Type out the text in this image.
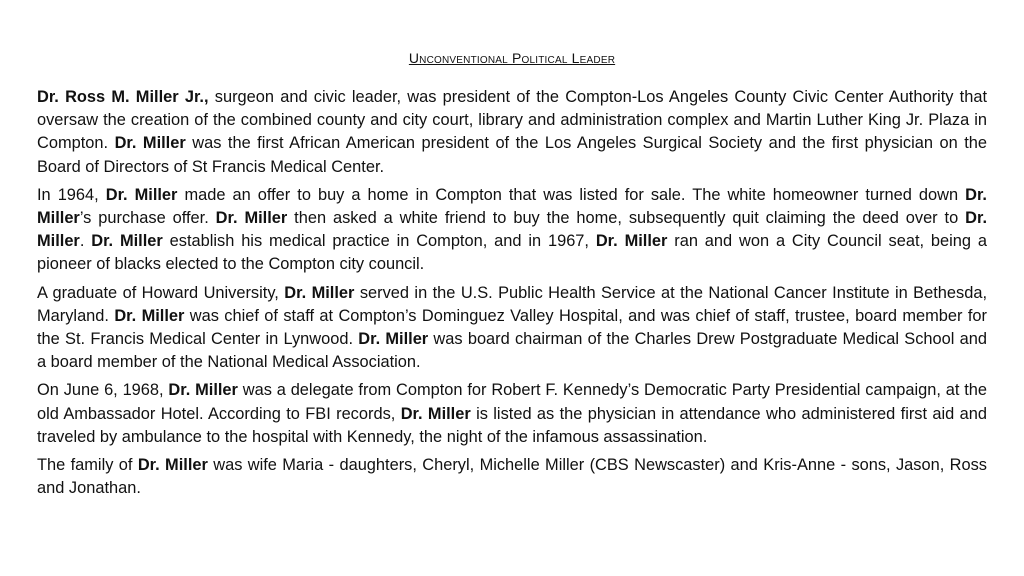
Unconventional Political Leader

Dr. Ross M. Miller Jr., surgeon and civic leader, was president of the Compton-Los Angeles County Civic Center Authority that oversaw the creation of the combined county and city court, library and administration complex and Martin Luther King Jr. Plaza in Compton. Dr. Miller was the first African American president of the Los Angeles Surgical Society and the first physician on the Board of Directors of St Francis Medical Center.

In 1964, Dr. Miller made an offer to buy a home in Compton that was listed for sale. The white homeowner turned down Dr. Miller’s purchase offer. Dr. Miller then asked a white friend to buy the home, subsequently quit claiming the deed over to Dr. Miller. Dr. Miller establish his medical practice in Compton, and in 1967, Dr. Miller ran and won a City Council seat, being a pioneer of blacks elected to the Compton city council.

A graduate of Howard University, Dr. Miller served in the U.S. Public Health Service at the National Cancer Institute in Bethesda, Maryland. Dr. Miller was chief of staff at Compton’s Dominguez Valley Hospital, and was chief of staff, trustee, board member for the St. Francis Medical Center in Lynwood. Dr. Miller was board chairman of the Charles Drew Postgraduate Medical School and a board member of the National Medical Association.

On June 6, 1968, Dr. Miller was a delegate from Compton for Robert F. Kennedy’s Democratic Party Presidential campaign, at the old Ambassador Hotel. According to FBI records, Dr. Miller is listed as the physician in attendance who administered first aid and traveled by ambulance to the hospital with Kennedy, the night of the infamous assassination.

The family of Dr. Miller was wife Maria - daughters, Cheryl, Michelle Miller (CBS Newscaster) and Kris-Anne - sons, Jason, Ross and Jonathan.
